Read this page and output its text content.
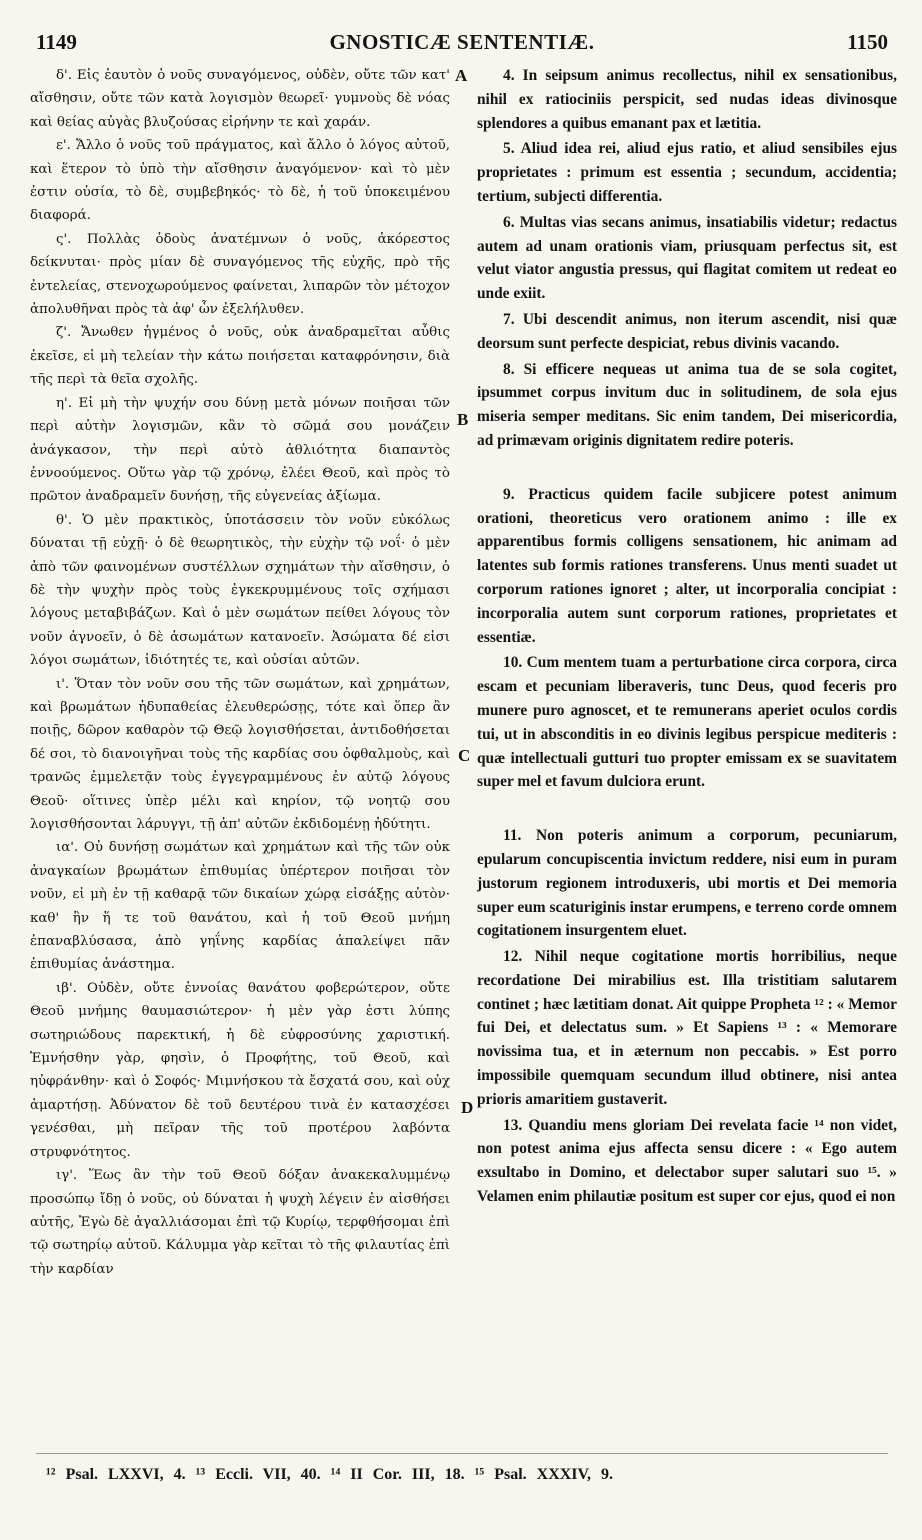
1149	GNOSTICÆ SENTENTIÆ.	1150

δ'. Εἰς ἑαυτὸν ὁ νοῦς συναγόμενος, οὐδὲν, οὔτε τῶν κατ' αἴσθησιν, οὔτε τῶν κατὰ λογισμὸν θεωρεῖ· γυμνοὺς δὲ νόας καὶ θείας αὐγὰς βλυζούσας εἰρήνην τε καὶ χαράν.

ε'. Ἄλλο ὁ νοῦς τοῦ πράγματος, καὶ ἄλλο ὁ λόγος αὐτοῦ, καὶ ἕτερον τὸ ὑπὸ τὴν αἴσθησιν ἀναγόμενον· καὶ τὸ μὲν ἐστιν οὐσία, τὸ δὲ, συμβεβηκός· τὸ δὲ, ἡ τοῦ ὑποκειμένου διαφορά.

ς'. Πολλὰς ὁδοὺς ἀνατέμνων ὁ νοῦς, ἀκόρεστος δείκνυται· πρὸς μίαν δὲ συναγόμενος τῆς εὐχῆς, πρὸ τῆς ἐντελείας, στενοχωρούμενος φαίνεται, λιπαρῶν τὸν μέτοχον ἀπολυθῆναι πρὸς τὰ ἀφ' ὧν ἐξελήλυθεν.

ζ'. Ἄνωθεν ἡγμένος ὁ νοῦς, οὐκ ἀναδραμεῖται αὖθις ἐκεῖσε, εἰ μὴ τελείαν τὴν κάτω ποιήσεται καταφρόνησιν, διὰ τῆς περὶ τὰ θεῖα σχολῆς.

η'. Εἰ μὴ τὴν ψυχήν σου δύνῃ μετὰ μόνων ποιῆσαι τῶν περὶ αὐτὴν λογισμῶν, κἂν τὸ σῶμά σου μονάζειν ἀνάγκασον, τὴν περὶ αὐτὸ ἀθλιότητα διαπαντὸς ἐννοούμενος. Οὕτω γὰρ τῷ χρόνῳ, ἐλέει Θεοῦ, καὶ πρὸς τὸ πρῶτον ἀναδραμεῖν δυνήσῃ, τῆς εὐγενείας ἀξίωμα.

θ'. Ὁ μὲν πρακτικὸς, ὑποτάσσειν τὸν νοῦν εὐκόλως δύναται τῇ εὐχῇ· ὁ δὲ θεωρητικὸς, τὴν εὐχὴν τῷ νοΐ· ὁ μὲν ἀπὸ τῶν φαινομένων συστέλλων σχημάτων τὴν αἴσθησιν, ὁ δὲ τὴν ψυχὴν πρὸς τοὺς ἐγκεκρυμμένους τοῖς σχήμασι λόγους μεταβιβάζων. Καὶ ὁ μὲν σωμάτων πείθει λόγους τὸν νοῦν ἀγνοεῖν, ὁ δὲ ἀσωμάτων κατανοεῖν. Ἀσώματα δέ εἰσι λόγοι σωμάτων, ἰδιότητές τε, καὶ οὐσίαι αὐτῶν.

ι'. Ὅταν τὸν νοῦν σου τῆς τῶν σωμάτων, καὶ χρημάτων, καὶ βρωμάτων ἡδυπαθείας ἐλευθερώσῃς, τότε καὶ ὅπερ ἂν ποιῇς, δῶρον καθαρὸν τῷ Θεῷ λογισθήσεται, ἀντιδοθήσεται δέ σοι, τὸ διανοιγῆναι τοὺς τῆς καρδίας σου ὀφθαλμοὺς, καὶ τρανῶς ἐμμελετᾷν τοὺς ἐγγεγραμμένους ἐν αὐτῷ λόγους Θεοῦ· οἵτινες ὑπὲρ μέλι καὶ κηρίον, τῷ νοητῷ σου λογισθήσονται λάρυγγι, τῇ ἀπ' αὐτῶν ἐκδιδομένῃ ἡδύτητι.

ια'. Οὐ δυνήσῃ σωμάτων καὶ χρημάτων καὶ τῆς τῶν οὐκ ἀναγκαίων βρωμάτων ἐπιθυμίας ὑπέρτερον ποιῆσαι τὸν νοῦν, εἰ μὴ ἐν τῇ καθαρᾷ τῶν δικαίων χώρᾳ εἰσάξῃς αὐτὸν· καθ' ἣν ἥ τε τοῦ θανάτου, καὶ ἡ τοῦ Θεοῦ μνήμη ἐπαναβλύσασα, ἀπὸ γηΐνης καρδίας ἀπαλείψει πᾶν ἐπιθυμίας ἀνάστημα.

ιβ'. Οὐδὲν, οὔτε ἐννοίας θανάτου φοβερώτερον, οὔτε Θεοῦ μνήμης θαυμασιώτερον· ἡ μὲν γὰρ ἐστι λύπης σωτηριώδους παρεκτική, ἡ δὲ εὐφροσύνης χαριστική. Ἐμνήσθην γὰρ, φησὶν, ὁ Προφήτης, τοῦ Θεοῦ, καὶ ηὐφράνθην· καὶ ὁ Σοφός· Μιμνήσκου τὰ ἔσχατά σου, καὶ οὐχ ἁμαρτήσῃ. Ἀδύνατον δὲ τοῦ δευτέρου τινὰ ἐν κατασχέσει γενέσθαι, μὴ πεῖραν τῆς τοῦ προτέρου λαβόντα στρυφνότητος.

ιγ'. Ἕως ἂν τὴν τοῦ Θεοῦ δόξαν ἀνακεκαλυμμένῳ προσώπῳ ἴδῃ ὁ νοῦς, οὐ δύναται ἡ ψυχὴ λέγειν ἐν αἰσθήσει αὐτῆς, Ἐγὼ δὲ ἀγαλλιάσομαι ἐπὶ τῷ Κυρίῳ, τερφθήσομαι ἐπὶ τῷ σωτηρίῳ αὐτοῦ. Κάλυμμα γὰρ κεῖται τὸ τῆς φιλαυτίας ἐπὶ τὴν καρδίαν

A
B
C
D

4. In seipsum animus recollectus, nihil ex sensationibus, nihil ex ratiociniis perspicit, sed nudas ideas divinosque splendores a quibus emanant pax et lætitia.

5. Aliud idea rei, aliud ejus ratio, et aliud sensibiles ejus proprietates : primum est essentia ; secundum, accidentia; tertium, subjecti differentia.

6. Multas vias secans animus, insatiabilis videtur; redactus autem ad unam orationis viam, priusquam perfectus sit, est velut viator angustia pressus, qui flagitat comitem ut redeat eo unde exiit.

7. Ubi descendit animus, non iterum ascendit, nisi quæ deorsum sunt perfecte despiciat, rebus divinis vacando.

8. Si efficere nequeas ut anima tua de se sola cogitet, ipsummet corpus invitum duc in solitudinem, de sola ejus miseria semper meditans. Sic enim tandem, Dei misericordia, ad primævam originis dignitatem redire poteris.

9. Practicus quidem facile subjicere potest animum orationi, theoreticus vero orationem animo : ille ex apparentibus formis colligens sensationem, hic animam ad latentes sub formis rationes transferens. Unus menti suadet ut corporum rationes ignoret ; alter, ut incorporalia concipiat : incorporalia autem sunt corporum rationes, proprietates et essentiæ.

10. Cum mentem tuam a perturbatione circa corpora, circa escam et pecuniam liberaveris, tunc Deus, quod feceris pro munere puro agnoscet, et te remunerans aperiet oculos cordis tui, ut in absconditis in eo divinis legibus perspicue mediteris : quæ intellectuali gutturi tuo propter emissam ex se suavitatem super mel et favum dulciora erunt.

11. Non poteris animum a corporum, pecuniarum, epularum concupiscentia invictum reddere, nisi eum in puram justorum regionem introduxeris, ubi mortis et Dei memoria super eum scaturiginis instar erumpens, e terreno corde omnem cogitationem insurgentem eluet.

12. Nihil neque cogitatione mortis horribilius, neque recordatione Dei mirabilius est. Illa tristitiam salutarem continet ; hæc lætitiam donat. Ait quippe Propheta ¹² : « Memor fui Dei, et delectatus sum. » Et Sapiens ¹³ : « Memorare novissima tua, et in æternum non peccabis. » Est porro impossibile quemquam secundum illud obtinere, nisi antea prioris amaritiem gustaverit.

13. Quandiu mens gloriam Dei revelata facie ¹⁴ non videt, non potest anima ejus affecta sensu dicere : « Ego autem exsultabo in Domino, et delectabor super salutari suo ¹⁵. » Velamen enim philautiæ positum est super cor ejus, quod ei non

¹² Psal. LXXVI, 4. ¹³ Eccli. VII, 40. ¹⁴ II Cor. III, 18. ¹⁵ Psal. XXXIV, 9.
